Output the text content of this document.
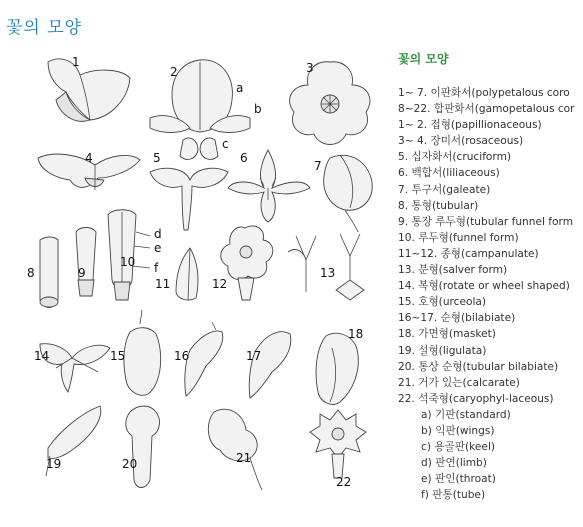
꽃의 모양
1
2	3
4	5	6
7
8	9
10
11	12
13
14	15	16	17
18
19	20	21
22
a
b
c
d
e
f
꽃의 모양
1~ 7. 이판화서(polypetalous coro
8~22. 합판화서(gamopetalous cor
1~ 2. 접형(papillionaceous)
3~ 4. 장미서(rosaceous)
5. 십자화서(cruciform)
6. 백합서(liliaceous)
7. 투구서(galeate)
8. 통형(tubular)
9. 통장 루두형(tubular funnel form
10. 루두형(funnel form)
11~12. 종형(campanulate)
13. 분형(salver form)
14. 복형(rotate or wheel shaped)
15. 호형(urceola)
16~17. 순형(bilabiate)
18. 가면형(masket)
19. 설형(ligulata)
20. 통상 순형(tubular bilabiate)
21. 거가 있는(calcarate)
22. 석죽형(caryophyl-laceous)
a) 기판(standard)
b) 익판(wings)
c) 용골판(keel)
d) 판연(limb)
e) 판인(throat)
f) 판통(tube)
